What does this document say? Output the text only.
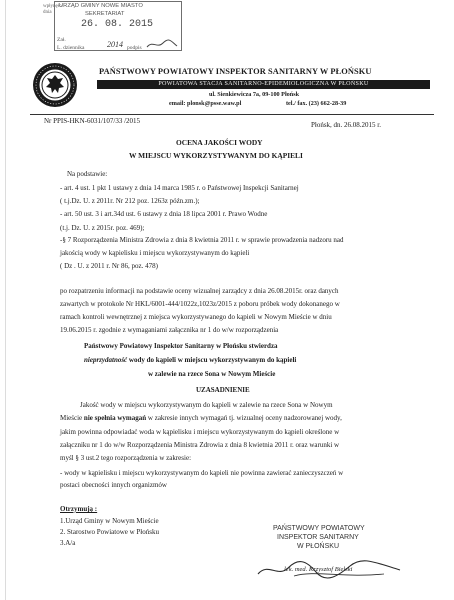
wpłynęło dnia
URZĄD GMINY NOWE MIASTO
SEKRETARIAT
26. 08. 2015
Zał.
L. dziennika	2014 podpis
PAŃSTWOWY POWIATOWY INSPEKTOR SANITARNY W PŁOŃSKU
POWIATOWA STACJA SANITARNO-EPIDEMIOLOGICZNA W PŁOŃSKU
ul. Sienkiewicza 7a, 09-100 Płońsk
email: plonsk@psse.waw.pl	tel./ fax. (23) 662-28-39
Nr PPIS-HKN-6031/107/33 /2015	Płońsk, dn. 26.08.2015 r.
OCENA JAKOŚCI WODY
W MIEJSCU WYKORZYSTYWANYM DO KĄPIELI
Na podstawie:
- art. 4 ust. 1 pkt 1 ustawy z dnia 14 marca 1985 r. o Państwowej Inspekcji Sanitarnej
( t.j.Dz. U. z 2011r. Nr 212 poz. 1263z późn.zm.);
- art. 50 ust. 3 i art.34d ust. 6 ustawy z dnia 18 lipca 2001 r. Prawo Wodne
(t.j. Dz. U. z 2015r. poz. 469);
-§ 7 Rozporządzenia Ministra Zdrowia z dnia 8 kwietnia 2011 r. w sprawie prowadzenia nadzoru nad
jakością wody w kąpielisku i miejscu wykorzystywanym do kąpieli
( Dz . U. z 2011 r. Nr 86, poz. 478)
po rozpatrzeniu informacji na podstawie oceny wizualnej zarządcy z dnia 26.08.2015r. oraz danych
zawartych w protokole Nr HKL/6001-444/1022z,1023z/2015 z poboru próbek wody dokonanego w
ramach kontroli wewnętrznej z miejsca wykorzystywanego do kąpieli w Nowym Mieście w dniu
19.06.2015 r. zgodnie z wymaganiami załącznika nr 1 do w/w rozporządzenia
Państwowy Powiatowy Inspektor Sanitarny w Płońsku stwierdza
nieprzydatność wody do kąpieli w miejscu wykorzystywanym do kąpieli
w zalewie na rzece Sona w Nowym Mieście
UZASADNIENIE
Jakość wody w miejscu wykorzystywanym do kąpieli w zalewie na rzece Sona w Nowym
Mieście nie spełnia wymagań w zakresie innych wymagań tj. wizualnej oceny nadzorowanej wody,
jakim powinna odpowiadać woda w kąpielisku i miejscu wykorzystywanym do kąpieli określone w
załączniku nr 1 do w/w Rozporządzenia Ministra Zdrowia z dnia 8 kwietnia 2011 r. oraz warunki w
myśl § 3 ust.2 tego rozporządzenia w zakresie:
- wody w kąpielisku i miejscu wykorzystywanym do kąpieli nie powinna zawierać zanieczyszczeń w
postaci obecności innych organizmów
Otrzymują :
1.Urząd Gminy w Nowym Mieście
2. Starostwo Powiatowe w Płońsku
3.A/a
PAŃSTWOWY POWIATOWY
INSPEKTOR SANITARNY
W PŁOŃSKU
lek. med. Krzysztof Bielski
